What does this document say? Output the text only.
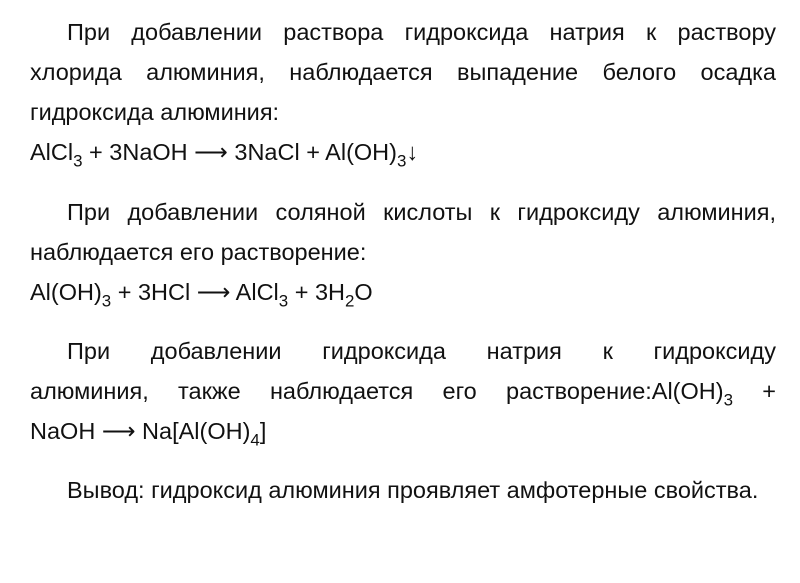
При добавлении раствора гидроксида натрия к раствору хлорида алюминия, наблюдается выпадение белого осадка гидроксида алюминия:

AlCl$_3$ + 3NaOH ⟶ 3NaCl + $Al(OH)_3↓$

При добавлении соляной кислоты к гидроксиду алюминия, наблюдается его растворение:

$Al(OH)_3 + 3HCl$ ⟶ AlCl$_3$ + $3H_2O$

При добавлении гидроксида натрия к гидроксиду

алюминия, также наблюдается его $растворение:Al(OH)_3$ +

NaOH ⟶ $Na[Al(OH)_4]$

Вывод: гидроксид алюминия проявляет амфотерные свойства.
